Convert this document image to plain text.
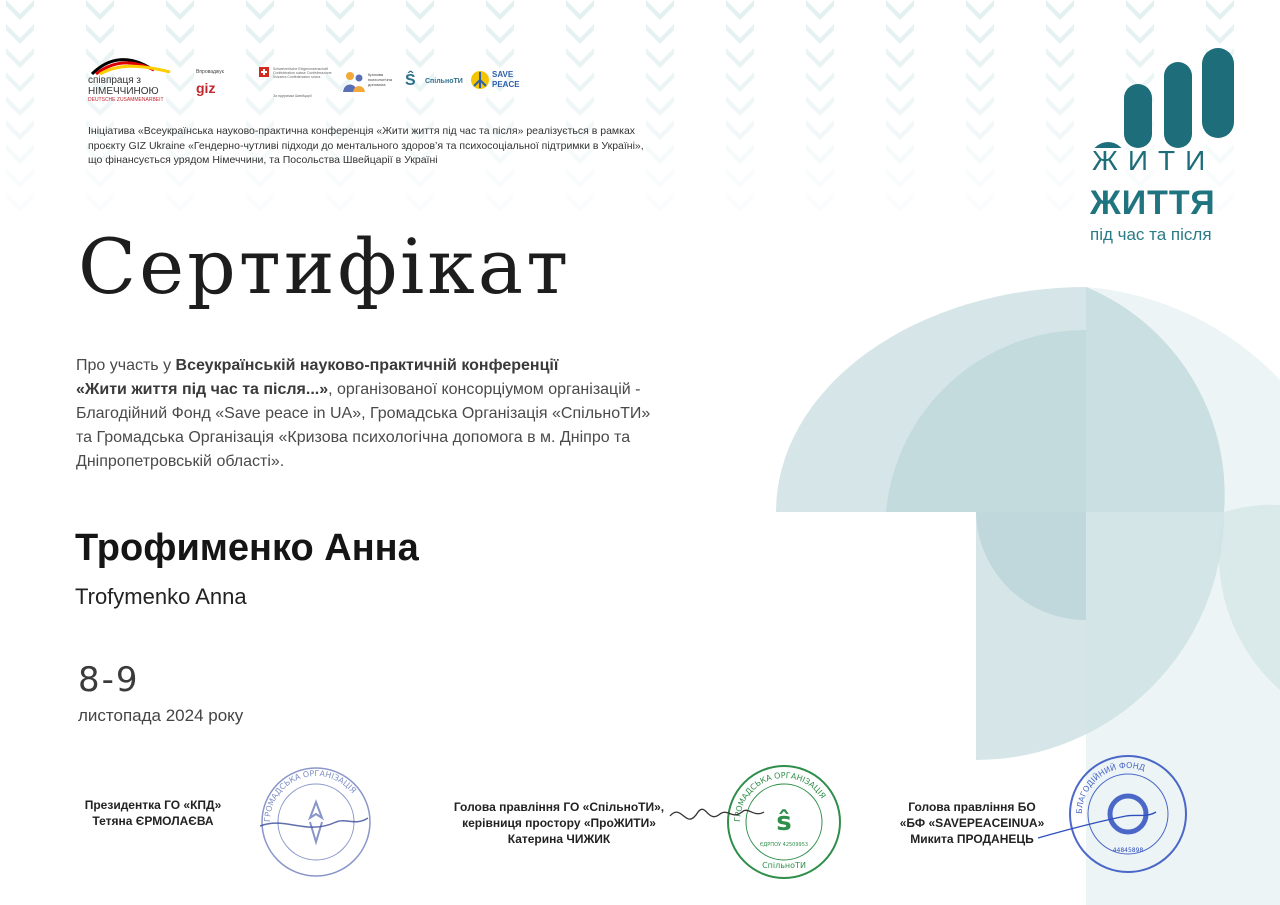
співпраця з
НІМЕЧЧИНОЮ
DEUTSCHE ZUSAMMENARBEIT
Впроваджує
giz
Schweizerische Eidgenossenschaft Confédération suisse Confederazione Svizzera Confederaziun svizra
За підтримки Швейцарії
Кризова психологічна допомога	Ŝ СпільноТИ
SAVE
PEACE
Ініціатива «Всеукраїнська науково-практична конференція «Жити життя під час та після» реалізується в рамках
проєкту GIZ Ukraine «Гендерно-чутливі підходи до ментального здоров’я та психосоціальної підтримки в Україні»,
що фінансується урядом Німеччини, та Посольства Швейцарії в Україні	ЖИТИ
ЖИТТЯ
під час та після
Сертифікат
Про участь у Всеукраїнській науково-практичній конференції
«Жити життя під час та після...», організованої консорціумом організацій -
Благодійний Фонд «Save peace in UA», Громадська Організація «СпільноТИ»
та Громадська Організація «Кризова психологічна допомога в м. Дніпро та
Дніпропетровській області».
Трофименко Анна
Trofymenko Anna
8-9
листопада 2024 року
Президентка ГО «КПД»
Тетяна ЄРМОЛАЄВА
Голова правління ГО «СпільноТИ»,
керівниця простору «ПроЖИТИ»
Катерина ЧИЖИК
Голова правління БО
«БФ «SAVEPEACEINUA»
Микита ПРОДАНЕЦЬ
ГРОМАДСЬКА ОРГАНІЗАЦІЯ
ГРОМАДСЬКА ОРГАНІЗАЦІЯ
ŝ
ЄДРПОУ 42509953
СпільноТИ
БЛАГОДІЙНИЙ ФОНД
44845898
